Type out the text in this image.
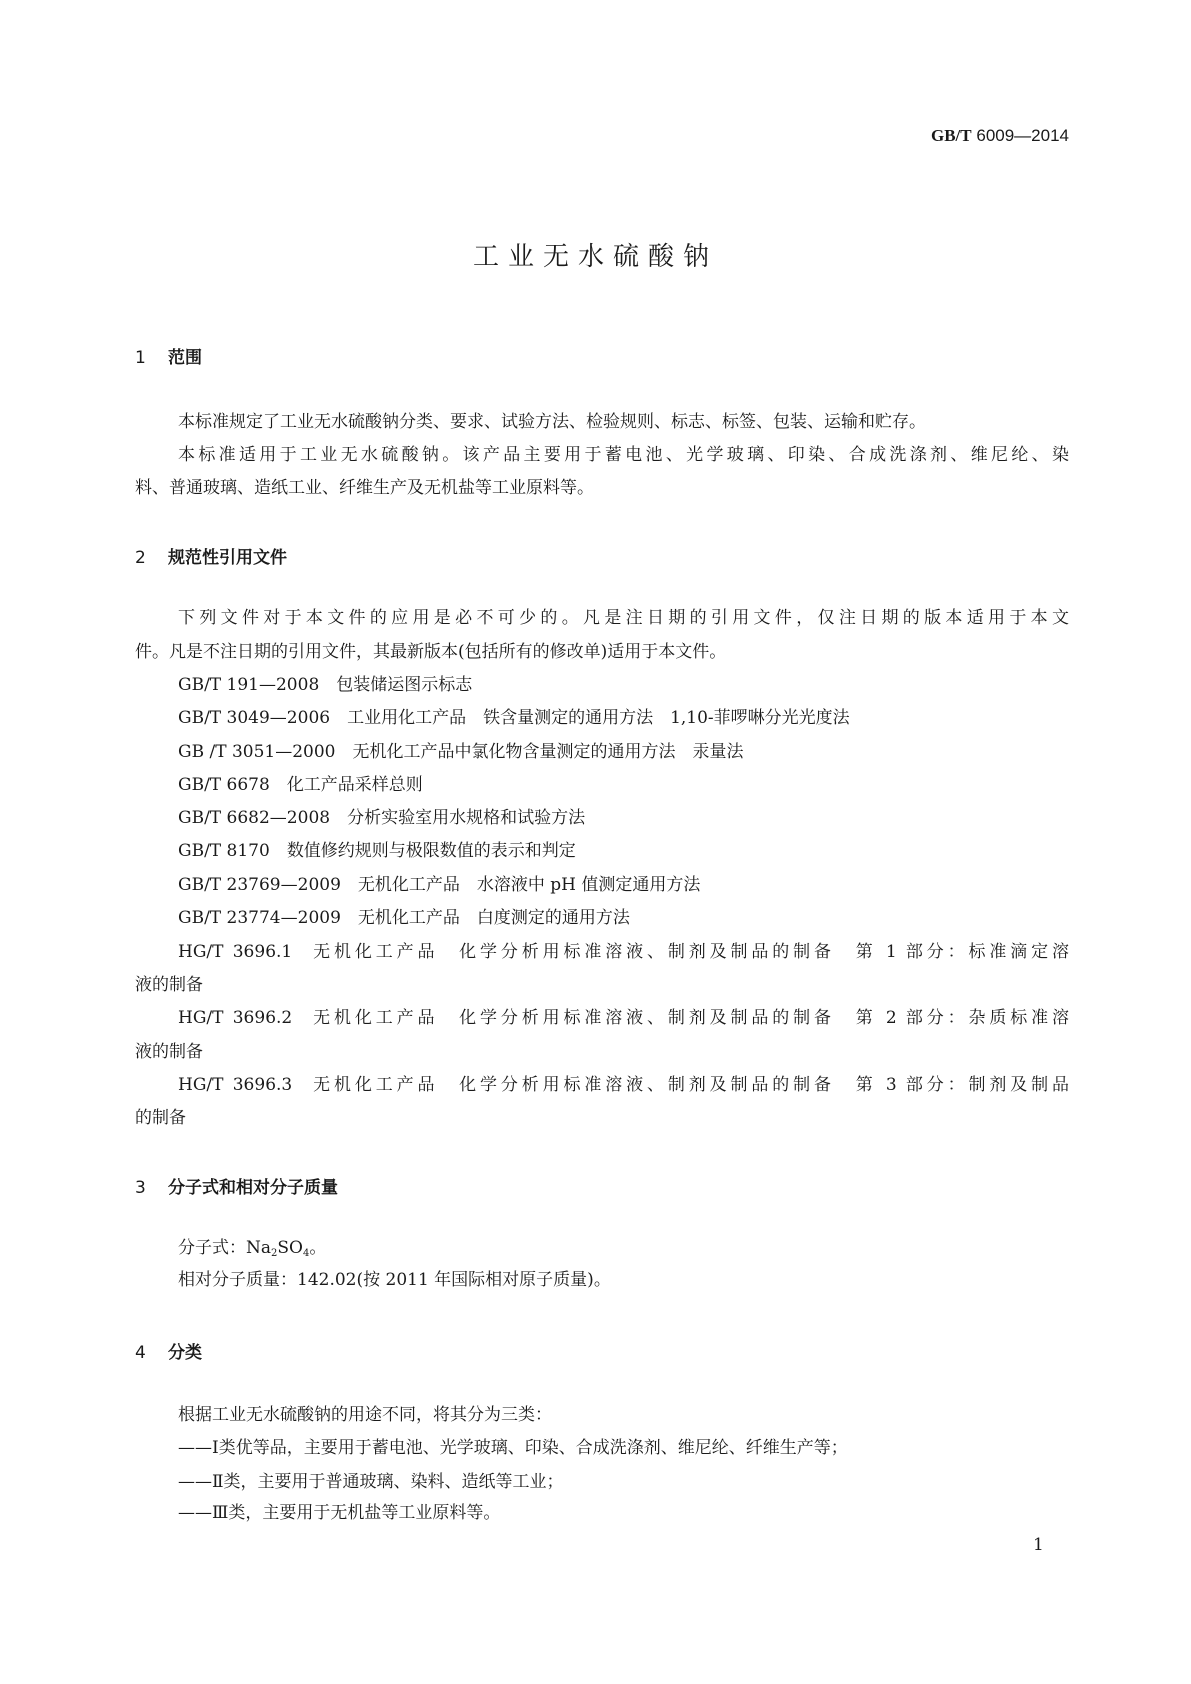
GB/T 6009—2014
工业无水硫酸钠
1 范围
本标准规定了工业无水硫酸钠分类、要求、试验方法、检验规则、标志、标签、包装、运输和贮存。
本标准适用于工业无水硫酸钠。该产品主要用于蓄电池、光学玻璃、印染、合成洗涤剂、维尼纶、染
料、普通玻璃、造纸工业、纤维生产及无机盐等工业原料等。
2 规范性引用文件
下列文件对于本文件的应用是必不可少的。凡是注日期的引用文件，仅注日期的版本适用于本文
件。凡是不注日期的引用文件，其最新版本(包括所有的修改单)适用于本文件。
GB/T 191—2008  包装储运图示标志
GB/T 3049—2006  工业用化工产品　铁含量测定的通用方法　1,10-菲啰啉分光光度法
GB /T 3051—2000  无机化工产品中氯化物含量测定的通用方法　汞量法
GB/T 6678  化工产品采样总则
GB/T 6682—2008  分析实验室用水规格和试验方法
GB/T 8170  数值修约规则与极限数值的表示和判定
GB/T 23769—2009  无机化工产品　水溶液中 pH 值测定通用方法
GB/T 23774—2009  无机化工产品　白度测定的通用方法
HG/T 3696.1  无机化工产品　化学分析用标准溶液、制剂及制品的制备　第 1 部分：标准滴定溶
液的制备
HG/T 3696.2  无机化工产品　化学分析用标准溶液、制剂及制品的制备　第 2 部分：杂质标准溶
液的制备
HG/T 3696.3  无机化工产品　化学分析用标准溶液、制剂及制品的制备　第 3 部分：制剂及制品
的制备
3 分子式和相对分子质量
分子式：$Na_2SO_4$。
相对分子质量：142.02(按 2011 年国际相对原子质量)。
4 分类
根据工业无水硫酸钠的用途不同，将其分为三类：
——Ⅰ类优等品，主要用于蓄电池、光学玻璃、印染、合成洗涤剂、维尼纶、纤维生产等；
——Ⅱ类，主要用于普通玻璃、染料、造纸等工业；
——Ⅲ类，主要用于无机盐等工业原料等。
1
